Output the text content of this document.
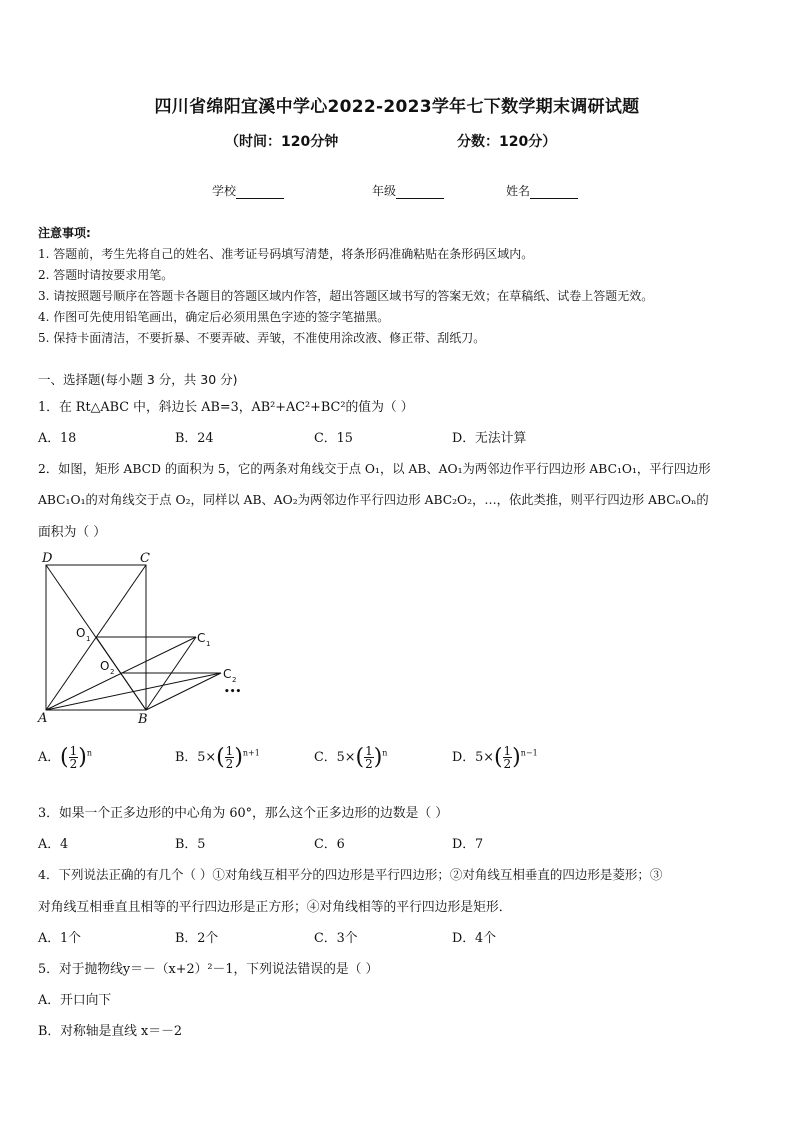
四川省绵阳宜溪中学心2022-2023学年七下数学期末调研试题
（时间：120分钟	分数：120分）
学校	年级	姓名
注意事项:
1. 答题前，考生先将自己的姓名、准考证号码填写清楚，将条形码准确粘贴在条形码区域内。
2. 答题时请按要求用笔。
3. 请按照题号顺序在答题卡各题目的答题区域内作答，超出答题区域书写的答案无效；在草稿纸、试卷上答题无效。
4. 作图可先使用铅笔画出，确定后必须用黑色字迹的签字笔描黑。
5. 保持卡面清洁，不要折暴、不要弄破、弄皱，不准使用涂改液、修正带、刮纸刀。
一、选择题(每小题 3 分，共 30 分)
1．在 Rt△ABC 中，斜边长 AB=3，AB²+AC²+BC²的值为（ ）
A．18	B．24	C．15	D．无法计算
2．如图，矩形 ABCD 的面积为 5，它的两条对角线交于点 O₁，以 AB、AO₁为两邻边作平行四边形 ABC₁O₁，平行四边形
ABC₁O₁的对角线交于点 O₂，同样以 AB、AO₂为两邻边作平行四边形 ABC₂O₂，…，依此类推，则平行四边形 ABCₙOₙ的
面积为（ ）
D	C
A	B
O 1
O 2
C 1
C 2
•••
A．( $\frac{1}{2} )^n$	B．$5\times( \frac{1}{2} )^{n+1}$	C．$5\times( \frac{1}{2} )^n$	D．$5\times( \frac{1}{2} )^{n-1}$
3．如果一个正多边形的中心角为 60°，那么这个正多边形的边数是（ ）
A．4	B．5	C．6	D．7
4．下列说法正确的有几个（ ）①对角线互相平分的四边形是平行四边形；②对角线互相垂直的四边形是菱形；③
对角线互相垂直且相等的平行四边形是正方形；④对角线相等的平行四边形是矩形．
A．1个	B．2个	C．3个	D．4个
5．对于抛物线y＝－（x+2）²－1，下列说法错误的是（ ）
A．开口向下
B．对称轴是直线 x＝－2
